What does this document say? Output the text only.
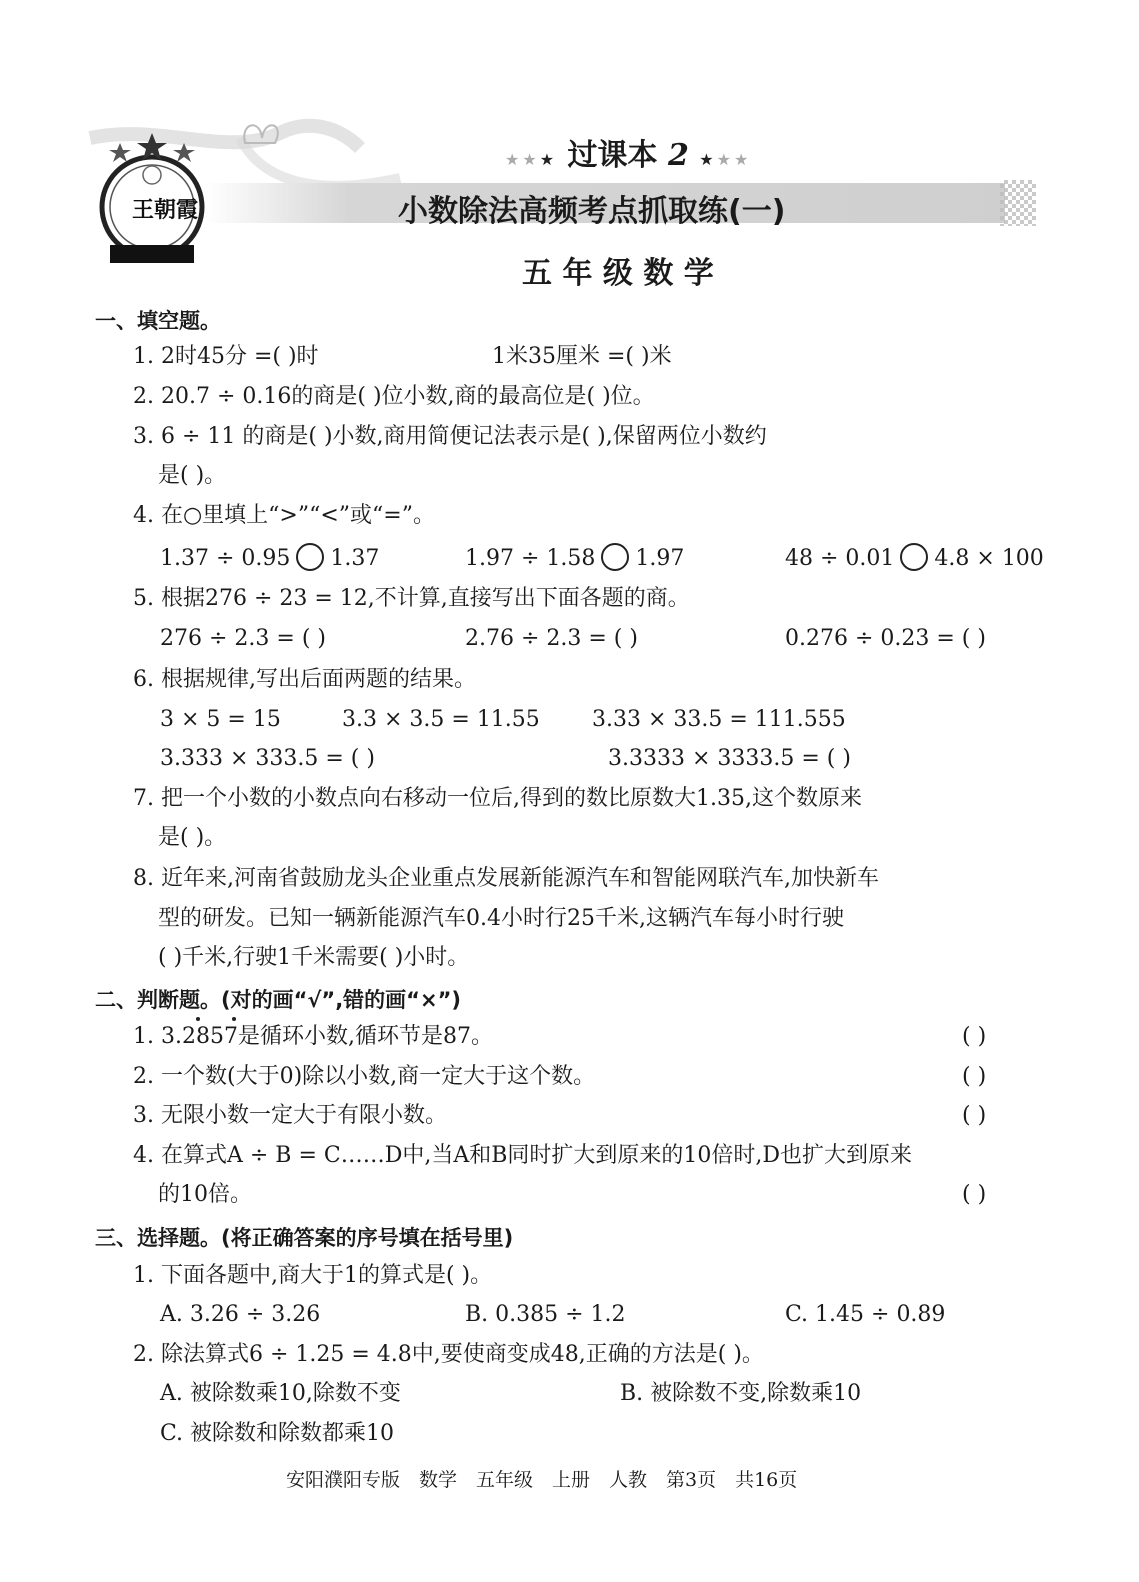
王朝霞
★★★ 过课本 2 ★★★
小数除法高频考点抓取练(一)
五 年 级 数 学
一、填空题。
1. 2时45分 =( )时	1米35厘米 =( )米
2. 20.7 ÷ 0.16的商是( )位小数,商的最高位是( )位。
3. 6 ÷ 11 的商是( )小数,商用简便记法表示是( ),保留两位小数约
是( )。
4. 在○里填上“>”“<”或“=”。
1.37 ÷ 0.95 1.37	1.97 ÷ 1.58 1.97	48 ÷ 0.01 4.8 × 100
5. 根据276 ÷ 23 = 12,不计算,直接写出下面各题的商。
276 ÷ 2.3 = ( )	2.76 ÷ 2.3 = ( )	0.276 ÷ 0.23 = ( )
6. 根据规律,写出后面两题的结果。
3 × 5 = 15	3.3 × 3.5 = 11.55 3.33 × 33.5 = 111.555
3.333 × 333.5 = ( )	3.3333 × 3333.5 = ( )
7. 把一个小数的小数点向右移动一位后,得到的数比原数大1.35,这个数原来
是( )。
8. 近年来,河南省鼓励龙头企业重点发展新能源汽车和智能网联汽车,加快新车
型的研发。已知一辆新能源汽车0.4小时行25千米,这辆汽车每小时行驶
( )千米,行驶1千米需要( )小时。
二、判断题。(对的画“√”,错的画“×”)
1. 3.2857是循环小数,循环节是87。	( )
2. 一个数(大于0)除以小数,商一定大于这个数。	( )
3. 无限小数一定大于有限小数。	( )
4. 在算式A ÷ B = C……D中,当A和B同时扩大到原来的10倍时,D也扩大到原来
的10倍。	( )
三、选择题。(将正确答案的序号填在括号里)
1. 下面各题中,商大于1的算式是( )。
A. 3.26 ÷ 3.26	B. 0.385 ÷ 1.2	C. 1.45 ÷ 0.89
2. 除法算式6 ÷ 1.25 = 4.8中,要使商变成48,正确的方法是( )。
A. 被除数乘10,除数不变	B. 被除数不变,除数乘10
C. 被除数和除数都乘10
安阳濮阳专版　数学　五年级　上册　人教　第3页　共16页
